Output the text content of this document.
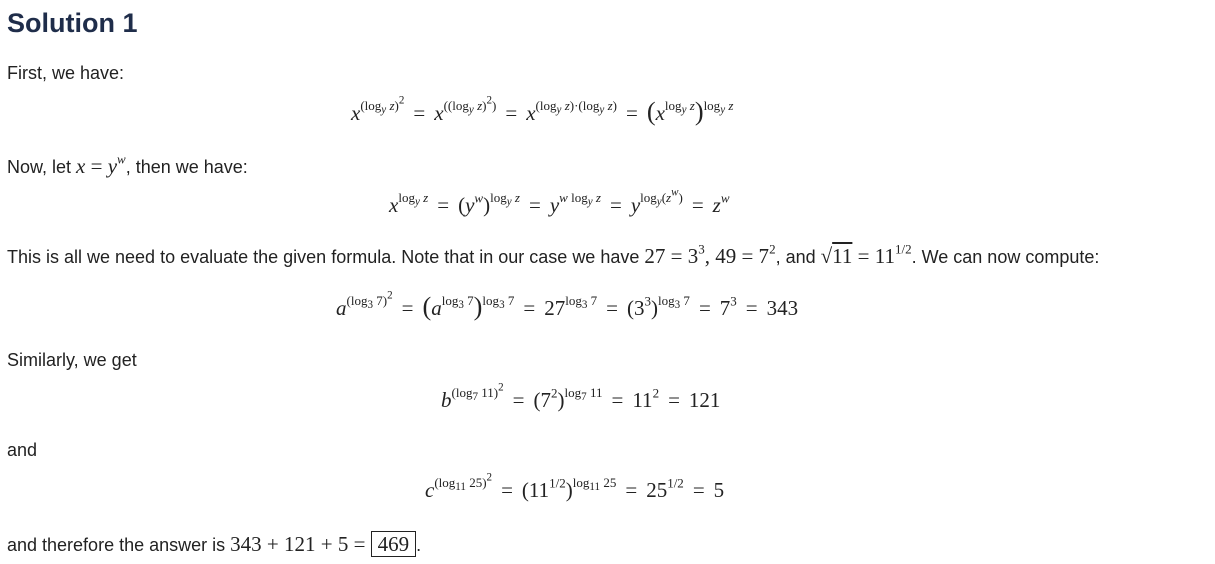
Solution 1
First, we have:
$x^{(log_y z)^2}= x^{((log_y z)^2)} = x^{(log_y z)\cdot(log_y z)} = (x^{log_y z})^{log_y z}$
Now, let $x = y^w$, then we have:
$x^{log_y z} = (y^w)^{log_y z} = y^{w log_y z} = y^{log_y(z^w)} = z^w$
This is all we need to evaluate the given formula. Note that in our case we have $27 = 3^3$, $49 = 7^2$, and $√11 = 11^{1/2}$. We can now compute:
$a^{(log_3 7)^2}= (a^{log_3 7})^{log_3 7} = 27^{log_3 7} = (3^3)^{log_3 7} = 7^3 = 343$
Similarly, we get
$b^{(log_7 11)^2}= (7^2)^{log_7 11} = 11^2 = 121$
and
$c^{(log_{11} 25)^2}= (11^{1/2})^{log_{11} 25} = 25^{1/2} = 5$
and therefore the answer is 343 + 121 + 5 = 469 .
